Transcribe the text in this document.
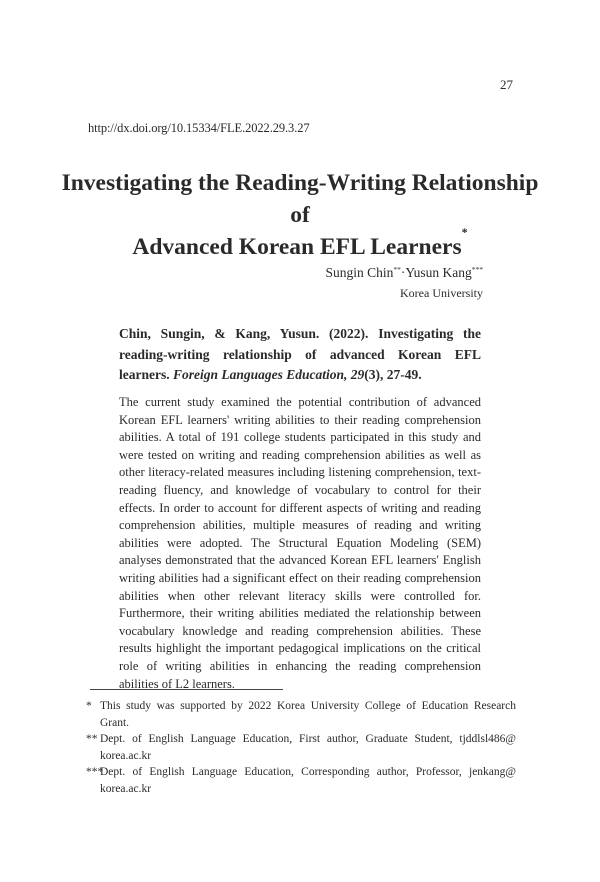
27
http://dx.doi.org/10.15334/FLE.2022.29.3.27
Investigating the Reading-Writing Relationship of
Advanced Korean EFL Learners*
Sungin Chin**·Yusun Kang***
Korea University
Chin, Sungin, & Kang, Yusun. (2022). Investigating the reading-writing relationship of advanced Korean EFL learners. Foreign Languages Education, 29(3), 27-49.
The current study examined the potential contribution of advanced Korean EFL learners' writing abilities to their reading comprehension abilities. A total of 191 college students participated in this study and were tested on writing and reading comprehension abilities as well as other literacy-related measures including listening comprehension, text-reading fluency, and knowledge of vocabulary to control for their effects. In order to account for different aspects of writing and reading comprehension abilities, multiple measures of reading and writing abilities were adopted. The Structural Equation Modeling (SEM) analyses demonstrated that the advanced Korean EFL learners' English writing abilities had a significant effect on their reading comprehension abilities when other relevant literacy skills were controlled for. Furthermore, their writing abilities mediated the relationship between vocabulary knowledge and reading comprehension abilities. These results highlight the important pedagogical implications on the critical role of writing abilities in enhancing the reading comprehension abilities of L2 learners.
* This study was supported by 2022 Korea University College of Education Research Grant.
** Dept. of English Language Education, First author, Graduate Student, tjddlsl486@ korea.ac.kr
***
Dept. of English Language Education, Corresponding author, Professor, jenkang@ korea.ac.kr
